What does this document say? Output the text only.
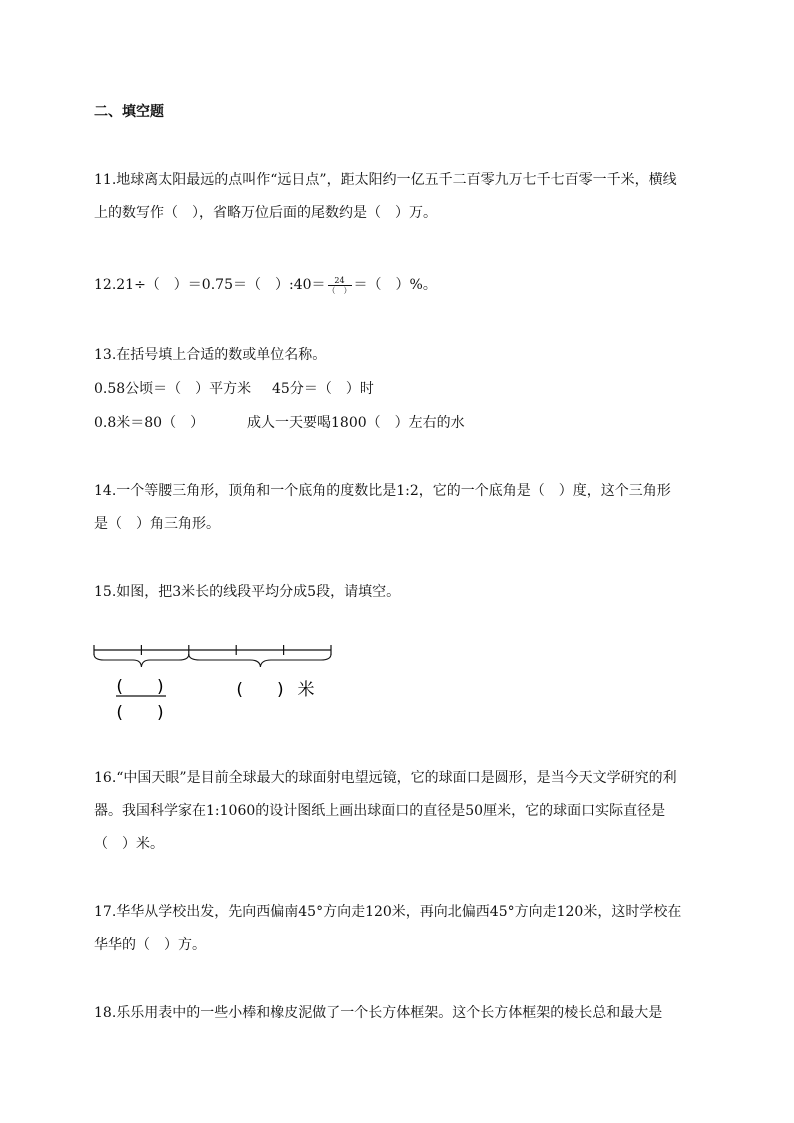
二、填空题
11.地球离太阳最远的点叫作“远日点”，距太阳约一亿五千二百零九万七千七百零一千米，横线
上的数写作（　），省略万位后面的尾数约是（　）万。
12.21÷（　）＝0.75＝（　）:40＝ $\frac{24}{( )}$ ＝（　）%。
13.在括号填上合适的数或单位名称。
0.58公顷＝（　）平方米 45分＝（　）时
0.8米＝80（　）	成人一天要喝1800（　）左右的水
14.一个等腰三角形，顶角和一个底角的度数比是1:2，它的一个底角是（　）度，这个三角形
是（　）角三角形。
15.如图，把3米长的线段平均分成5段，请填空。
(　　)
(　　)
(　　) 米
16.“中国天眼”是目前全球最大的球面射电望远镜，它的球面口是圆形，是当今天文学研究的利
器。我国科学家在1:1060的设计图纸上画出球面口的直径是50厘米，它的球面口实际直径是
（　）米。
17.华华从学校出发，先向西偏南45°方向走120米，再向北偏西45°方向走120米，这时学校在
华华的（　）方。
18.乐乐用表中的一些小棒和橡皮泥做了一个长方体框架。这个长方体框架的棱长总和最大是
